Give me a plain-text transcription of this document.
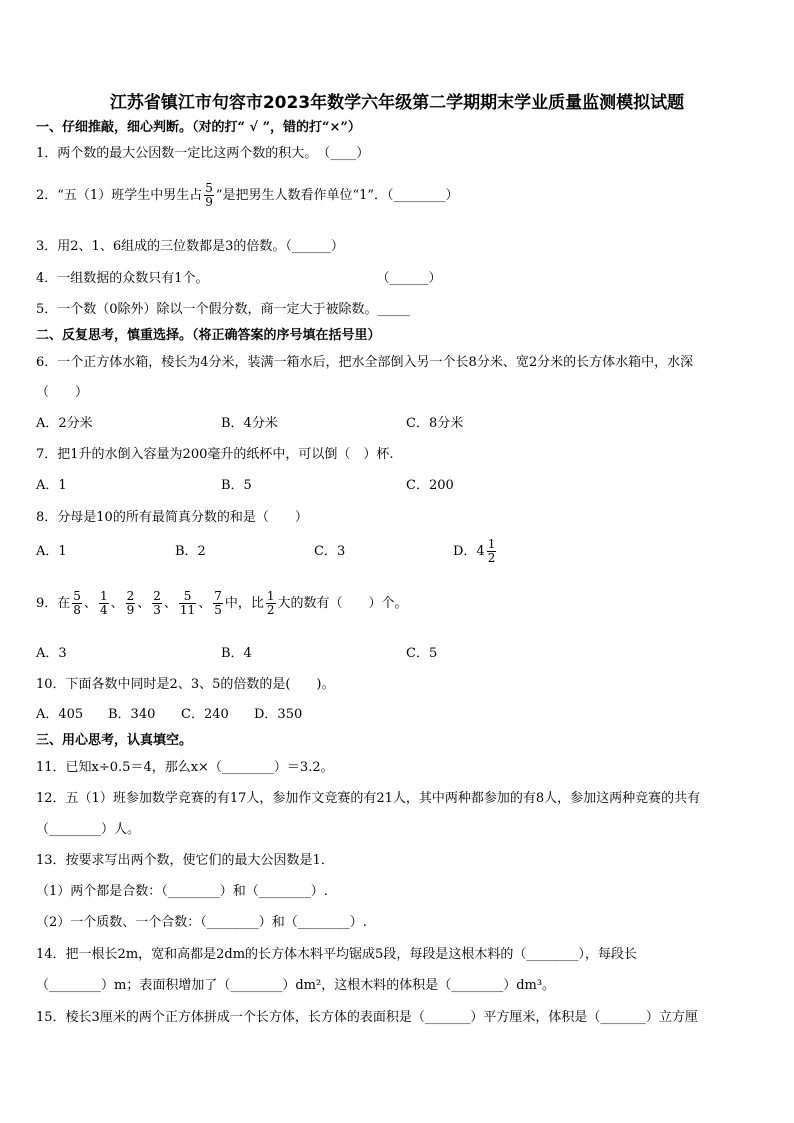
江苏省镇江市句容市2023年数学六年级第二学期期末学业质量监测模拟试题
一、仔细推敲，细心判断。（对的打“ √ ”，错的打“×”）
1．两个数的最大公因数一定比这两个数的积大。　（____）
2．“五（1）班学生中男生占 $\frac{5}{9}$ ”是把男生人数看作单位“1”．（________）
3．用2、1、6组成的三位数都是3的倍数。（______）
4．一组数据的众数只有1个。	（______）
5．一个数（0除外）除以一个假分数，商一定大于被除数。_____
二、反复思考，慎重选择。（将正确答案的序号填在括号里）
6．一个正方体水箱，棱长为4分米，装满一箱水后，把水全部倒入另一个长8分米、宽2分米的长方体水箱中，水深
（　　）
A．2分米	B．4分米	C．8分米
7．把1升的水倒入容量为200毫升的纸杯中，可以倒（　）杯.
A．1	B．5	C．200
8．分母是10的所有最简真分数的和是（　　）
A．1	B．2	C．3	D．$4 \frac{1}{2}$
9．在 $\frac{5}{8}$ 、 $\frac{1}{4}$ 、 $\frac{2}{9}$ 、 $\frac{2}{3}$ 、 $\frac{5}{11}$ 、 $\frac{7}{5}$ 中，比 $\frac{1}{2}$ 大的数有（　　）个。
A．3	B．4	C．5
10．下面各数中同时是2、3、5的倍数的是(　　)。
A．405 B．340 C．240 D．350
三、用心思考，认真填空。
11．已知x÷0.5＝4，那么x×（________）＝3.2。
12．五（1）班参加数学竞赛的有17人，参加作文竞赛的有21人，其中两种都参加的有8人，参加这两种竞赛的共有
（________）人。
13．按要求写出两个数，使它们的最大公因数是1．
（1）两个都是合数：（________）和（________）.
（2）一个质数、一个合数：（________）和（________）.
14．把一根长2m，宽和高都是2dm的长方体木料平均锯成5段，每段是这根木料的（________），每段长
（________）m；表面积增加了（________）dm²，这根木料的体积是（________）dm³。
15．棱长3厘米的两个正方体拼成一个长方体，长方体的表面积是（_______）平方厘米，体积是（_______）立方厘
